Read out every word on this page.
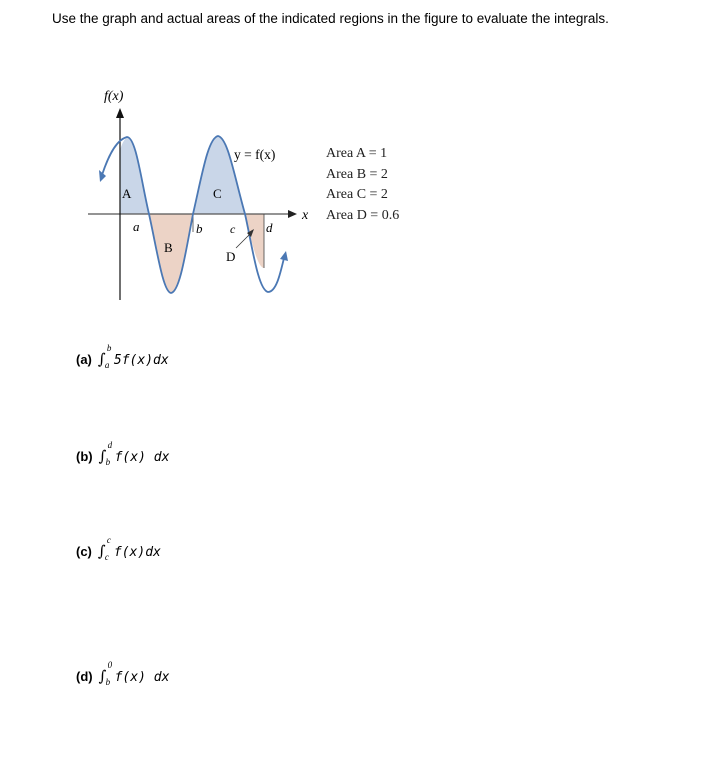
Use the graph and actual areas of the indicated regions in the figure to evaluate the integrals.
f(x)
x
y = f(x)
A
B
C
D
a	b c d
Area A = 1
Area B = 2
Area C = 2
Area D = 0.6
(a) ∫
b
a 5f(x)dx
(b) ∫
d
b f(x) dx
(c) ∫
c
c f(x)dx
(d) ∫
0
b f(x) dx
